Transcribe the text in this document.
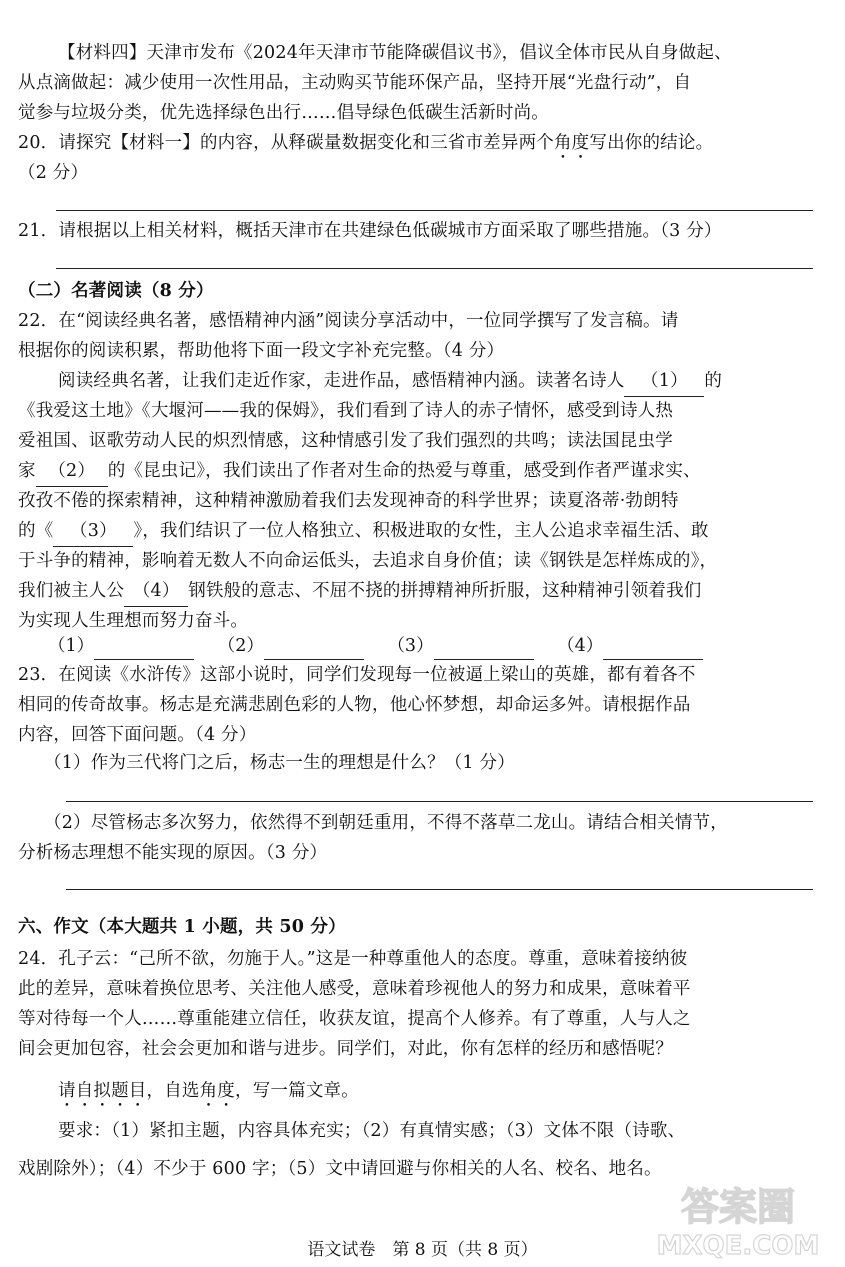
【材料四】天津市发布《2024年天津市节能降碳倡议书》，倡议全体市民从自身做起、
从点滴做起：减少使用一次性用品，主动购买节能环保产品，坚持开展“光盘行动”，自
觉参与垃圾分类，优先选择绿色出行……倡导绿色低碳生活新时尚。
20．请探究【材料一】的内容，从释碳量数据变化和三省市差异两个角度写出你的结论。
（2 分）
21．请根据以上相关材料，概括天津市在共建绿色低碳城市方面采取了哪些措施。（3 分）
（二）名著阅读（8 分）
22．在“阅读经典名著，感悟精神内涵”阅读分享活动中，一位同学撰写了发言稿。请
根据你的阅读积累，帮助他将下面一段文字补充完整。（4 分）
阅读经典名著，让我们走近作家，走进作品，感悟精神内涵。读著名诗人 （1） 的
《我爱这土地》《大堰河——我的保姆》，我们看到了诗人的赤子情怀，感受到诗人热
爱祖国、讴歌劳动人民的炽烈情感，这种情感引发了我们强烈的共鸣；读法国昆虫学
家 （2） 的《昆虫记》，我们读出了作者对生命的热爱与尊重，感受到作者严谨求实、
孜孜不倦的探索精神，这种精神激励着我们去发现神奇的科学世界；读夏洛蒂·勃朗特
的《 （3） 》，我们结识了一位人格独立、积极进取的女性，主人公追求幸福生活、敢
于斗争的精神，影响着无数人不向命运低头，去追求自身价值；读《钢铁是怎样炼成的》，
我们被主人公 （4） 钢铁般的意志、不屈不挠的拼搏精神所折服，这种精神引领着我们
为实现人生理想而努力奋斗。
（1）	（2）	（3）	（4）
23．在阅读《水浒传》这部小说时，同学们发现每一位被逼上梁山的英雄，都有着各不
相同的传奇故事。杨志是充满悲剧色彩的人物，他心怀梦想，却命运多舛。请根据作品
内容，回答下面问题。（4 分）
（1）作为三代将门之后，杨志一生的理想是什么？（1 分）
（2）尽管杨志多次努力，依然得不到朝廷重用，不得不落草二龙山。请结合相关情节，
分析杨志理想不能实现的原因。（3 分）
六、作文（本大题共 1 小题，共 50 分）
24．孔子云：“己所不欲，勿施于人。”这是一种尊重他人的态度。尊重，意味着接纳彼
此的差异，意味着换位思考、关注他人感受，意味着珍视他人的努力和成果，意味着平
等对待每一个人……尊重能建立信任，收获友谊，提高个人修养。有了尊重，人与人之
间会更加包容，社会会更加和谐与进步。同学们，对此，你有怎样的经历和感悟呢？
请自拟题目，自选角度，写一篇文章。
要求：（1）紧扣主题，内容具体充实；（2）有真情实感；（3）文体不限（诗歌、
戏剧除外）；（4）不少于 600 字；（5）文中请回避与你相关的人名、校名、地名。
语文试卷　第 8 页（共 8 页）
答案圈
MXQE.COM
